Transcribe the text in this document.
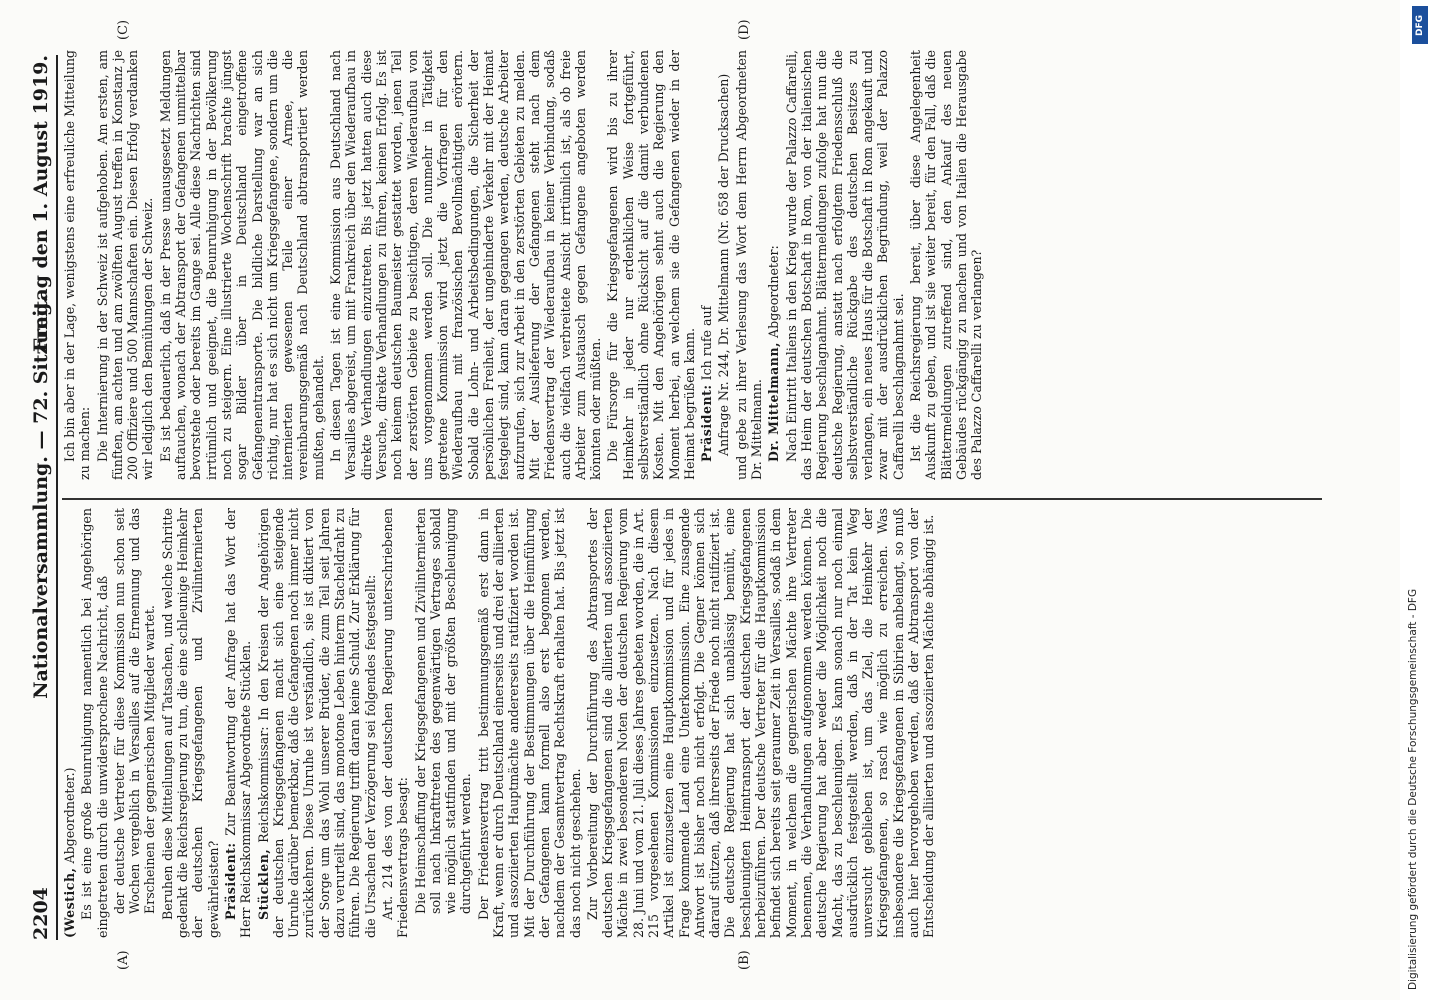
2204
Nationalversammlung. — 72. Sitzung.
Freitag den 1. August 1919.
(A)	(B)
(C)	(D)

(Westich, Abgeordneter.) Es ist eine große Beunruhigung namentlich bei Angehörigen eingetreten durch die unwidersprochene Nachricht, daß der deutsche Vertreter für diese Kommission nun schon seit Wochen vergeblich in Versailles auf die Ernennung und das Erscheinen der gegnerischen Mitglieder wartet. Beruhen diese Mitteilungen auf Tatsachen, und welche Schritte gedenkt die Reichsregierung zu tun, die eine schleunige Heimkehr der deutschen Kriegsgefangenen und Zivilinternierten gewährleisten? Präsident: Zur Beantwortung der Anfrage hat das Wort der Herr Reichskommissar Abgeordnete Stücklen. Stücklen, Reichskommissar: In den Kreisen der Angehörigen der deutschen Kriegsgefangenen macht sich eine steigende Unruhe darüber bemerkbar, daß die Gefangenen noch immer nicht zurückkehren. Diese Unruhe ist verständlich, sie ist diktiert von der Sorge um das Wohl unserer Brüder, die zum Teil seit Jahren dazu verurteilt sind, das monotone Leben hinterm Stacheldraht zu führen. Die Regierung trifft daran keine Schuld. Zur Erklärung für die Ursachen der Verzögerung sei folgendes festgestellt: Art. 214 des von der deutschen Regierung unterschriebenen Friedensvertrags besagt: Die Heimschaffung der Kriegsgefangenen und Zivilinternierten soll nach Inkrafttreten des gegenwärtigen Vertrages sobald wie möglich stattfinden und mit der größten Beschleunigung durchgeführt werden. Der Friedensvertrag tritt bestimmungsgemäß erst dann in Kraft, wenn er durch Deutschland einerseits und drei der alliierten und assoziierten Hauptmächte andererseits ratifiziert worden ist. Mit der Durchführung der Bestimmungen über die Heimführung der Gefangenen kann formell also erst begonnen werden, nachdem der Gesamtvertrag Rechtskraft erhalten hat. Bis jetzt ist das noch nicht geschehen. Zur Vorbereitung der Durchführung des Abtransportes der deutschen Kriegsgefangenen sind die alliierten und assoziierten Mächte in zwei besonderen Noten der deutschen Regierung vom 28. Juni und vom 21. Juli dieses Jahres gebeten worden, die in Art. 215 vorgesehenen Kommissionen einzusetzen. Nach diesem Artikel ist einzusetzen eine Hauptkommission und für jedes in Frage kommende Land eine Unterkommission. Eine zusagende Antwort ist bisher noch nicht erfolgt. Die Gegner können sich darauf stützen, daß ihrerseits der Friede noch nicht ratifiziert ist. Die deutsche Regierung hat sich unablässig bemüht, eine beschleunigten Heimtransport der deutschen Kriegsgefangenen herbeizuführen. Der deutsche Vertreter für die Hauptkommission befindet sich bereits seit geraumer Zeit in Versailles, sodaß in dem Moment, in welchem die gegnerischen Mächte ihre Vertreter benennen, die Verhandlungen aufgenommen werden können. Die deutsche Regierung hat aber weder die Möglichkeit noch die Macht, das zu beschleunigen. Es kann sonach nur noch einmal ausdrücklich festgestellt werden, daß in der Tat kein Weg unversucht geblieben ist, um das Ziel, die Heimkehr der Kriegsgefangenen, so rasch wie möglich zu erreichen. Was insbesondere die Kriegsgefangenen in Sibirien anbelangt, so muß auch hier hervorgehoben werden, daß der Abtransport von der Entscheidung der alliierten und assoziierten Mächte abhängig ist.

Ich bin aber in der Lage, wenigstens eine erfreuliche Mitteilung zu machen: Die Internierung in der Schweiz ist aufgehoben. Am ersten, am fünften, am achten und am zwölften August treffen in Konstanz je 200 Offiziere und 500 Mannschaften ein. Diesen Erfolg verdanken wir lediglich den Bemühungen der Schweiz. Es ist bedauerlich, daß in der Presse unausgesetzt Meldungen auftauchen, wonach der Abtransport der Gefangenen unmittelbar bevorstehe oder bereits im Gange sei. Alle diese Nachrichten sind irrtümlich und geeignet, die Beunruhigung in der Bevölkerung noch zu steigern. Eine illustrierte Wochenschrift brachte jüngst sogar Bilder über in Deutschland eingetroffene Gefangenentransporte. Die bildliche Darstellung war an sich richtig, nur hat es sich nicht um Kriegsgefangene, sondern um die internierten gewesenen Teile einer Armee, die vereinbarungsgemäß nach Deutschland abtransportiert werden mußten, gehandelt. In diesen Tagen ist eine Kommission aus Deutschland nach Versailles abgereist, um mit Frankreich über den Wiederaufbau in direkte Verhandlungen einzutreten. Bis jetzt hatten auch diese Versuche, direkte Verhandlungen zu führen, keinen Erfolg. Es ist noch keinem deutschen Baumeister gestattet worden, jenen Teil der zerstörten Gebiete zu besichtigen, deren Wiederaufbau von uns vorgenommen werden soll. Die nunmehr in Tätigkeit getretene Kommission wird jetzt die Vorfragen für den Wiederaufbau mit französischen Bevollmächtigten erörtern. Sobald die Lohn- und Arbeitsbedingungen, die Sicherheit der persönlichen Freiheit, der ungehinderte Verkehr mit der Heimat festgelegt sind, kann daran gegangen werden, deutsche Arbeiter aufzurufen, sich zur Arbeit in den zerstörten Gebieten zu melden. Mit der Auslieferung der Gefangenen steht nach dem Friedensvertrag der Wiederaufbau in keiner Verbindung, sodaß auch die vielfach verbreitete Ansicht irrtümlich ist, als ob freie Arbeiter zum Austausch gegen Gefangene angeboten werden könnten oder müßten. Die Fürsorge für die Kriegsgefangenen wird bis zu ihrer Heimkehr in jeder nur erdenklichen Weise fortgeführt, selbstverständlich ohne Rücksicht auf die damit verbundenen Kosten. Mit den Angehörigen sehnt auch die Regierung den Moment herbei, an welchem sie die Gefangenen wieder in der Heimat begrüßen kann. Präsident: Ich rufe auf Anfrage Nr. 244, Dr. Mittelmann (Nr. 658 der Drucksachen) und gebe zu ihrer Verlesung das Wort dem Herrn Abgeordneten Dr. Mittelmann. Dr. Mittelmann, Abgeordneter: Nach Eintritt Italiens in den Krieg wurde der Palazzo Caffarelli, das Heim der deutschen Botschaft in Rom, von der italienischen Regierung beschlagnahmt. Blättermeldungen zufolge hat nun die deutsche Regierung, anstatt nach erfolgtem Friedensschluß die selbstverständliche Rückgabe des deutschen Besitzes zu verlangen, ein neues Haus für die Botschaft in Rom angekauft und zwar mit der ausdrücklichen Begründung, weil der Palazzo Caffarelli beschlagnahmt sei. Ist die Reichsregierung bereit, über diese Angelegenheit Auskunft zu geben, und ist sie weiter bereit, für den Fall, daß die Blättermeldungen zutreffend sind, den Ankauf des neuen Gebäudes rückgängig zu machen und von Italien die Herausgabe des Palazzo Caffarelli zu verlangen?

DFG
Digitalisierung gefördert durch die Deutsche Forschungsgemeinschaft - DFG
